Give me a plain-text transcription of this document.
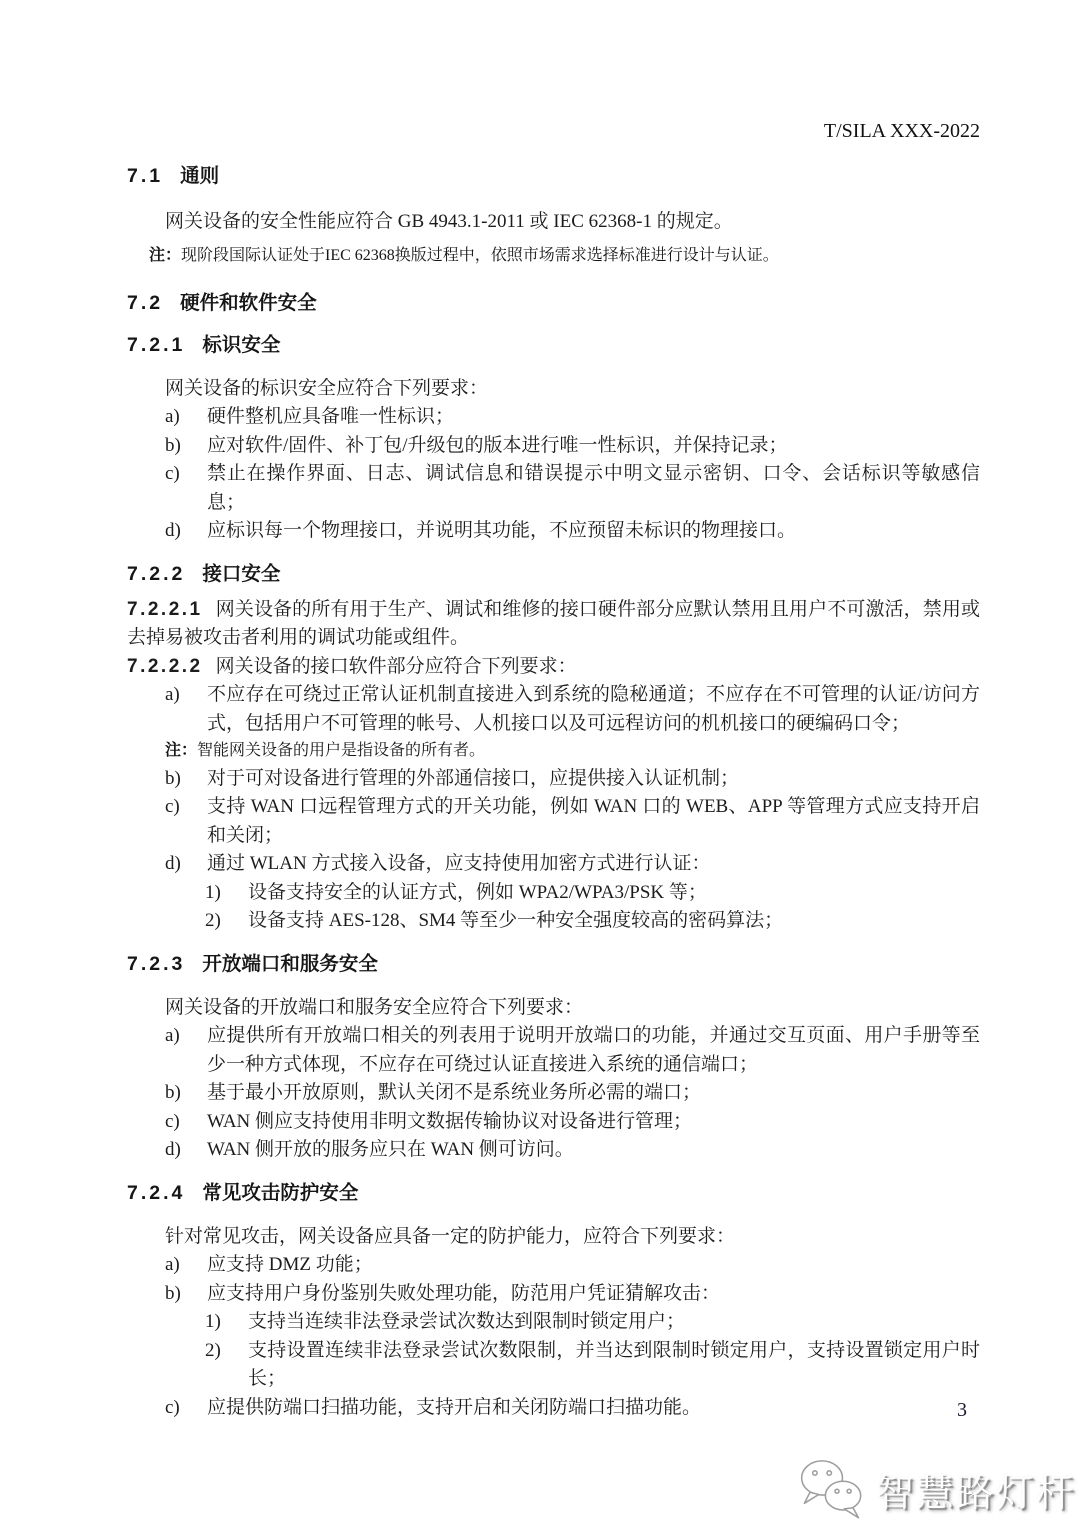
T/SILA XXX-2022
7.1 通则

网关设备的安全性能应符合 GB 4943.1-2011 或 IEC 62368-1 的规定。

注：现阶段国际认证处于IEC 62368换版过程中，依照市场需求选择标准进行设计与认证。
7.2 硬件和软件安全
7.2.1 标识安全

网关设备的标识安全应符合下列要求：

a) 硬件整机应具备唯一性标识；
b) 应对软件/固件、补丁包/升级包的版本进行唯一性标识，并保持记录；
c) 禁止在操作界面、日志、调试信息和错误提示中明文显示密钥、口令、会话标识等敏感信息；
d) 应标识每一个物理接口，并说明其功能，不应预留未标识的物理接口。
7.2.2 接口安全

7.2.2.1 网关设备的所有用于生产、调试和维修的接口硬件部分应默认禁用且用户不可激活，禁用或去掉易被攻击者利用的调试功能或组件。

7.2.2.2 网关设备的接口软件部分应符合下列要求：

a) 不应存在可绕过正常认证机制直接进入到系统的隐秘通道；不应存在不可管理的认证/访问方式，包括用户不可管理的帐号、人机接口以及可远程访问的机机接口的硬编码口令；
注：智能网关设备的用户是指设备的所有者。
b) 对于可对设备进行管理的外部通信接口，应提供接入认证机制；
c) 支持 WAN 口远程管理方式的开关功能，例如 WAN 口的 WEB、APP 等管理方式应支持开启和关闭；
d) 通过 WLAN 方式接入设备，应支持使用加密方式进行认证：
1) 设备支持安全的认证方式，例如 WPA2/WPA3/PSK 等；
2) 设备支持 AES-128、SM4 等至少一种安全强度较高的密码算法；
7.2.3 开放端口和服务安全

网关设备的开放端口和服务安全应符合下列要求：

a) 应提供所有开放端口相关的列表用于说明开放端口的功能，并通过交互页面、用户手册等至少一种方式体现，不应存在可绕过认证直接进入系统的通信端口；
b) 基于最小开放原则，默认关闭不是系统业务所必需的端口；
c) WAN 侧应支持使用非明文数据传输协议对设备进行管理；
d) WAN 侧开放的服务应只在 WAN 侧可访问。
7.2.4 常见攻击防护安全

针对常见攻击，网关设备应具备一定的防护能力，应符合下列要求：

a) 应支持 DMZ 功能；
b) 应支持用户身份鉴别失败处理功能，防范用户凭证猜解攻击：
1) 支持当连续非法登录尝试次数达到限制时锁定用户；
2) 支持设置连续非法登录尝试次数限制，并当达到限制时锁定用户，支持设置锁定用户时长；
c) 应提供防端口扫描功能，支持开启和关闭防端口扫描功能。	3
智慧路灯杆
